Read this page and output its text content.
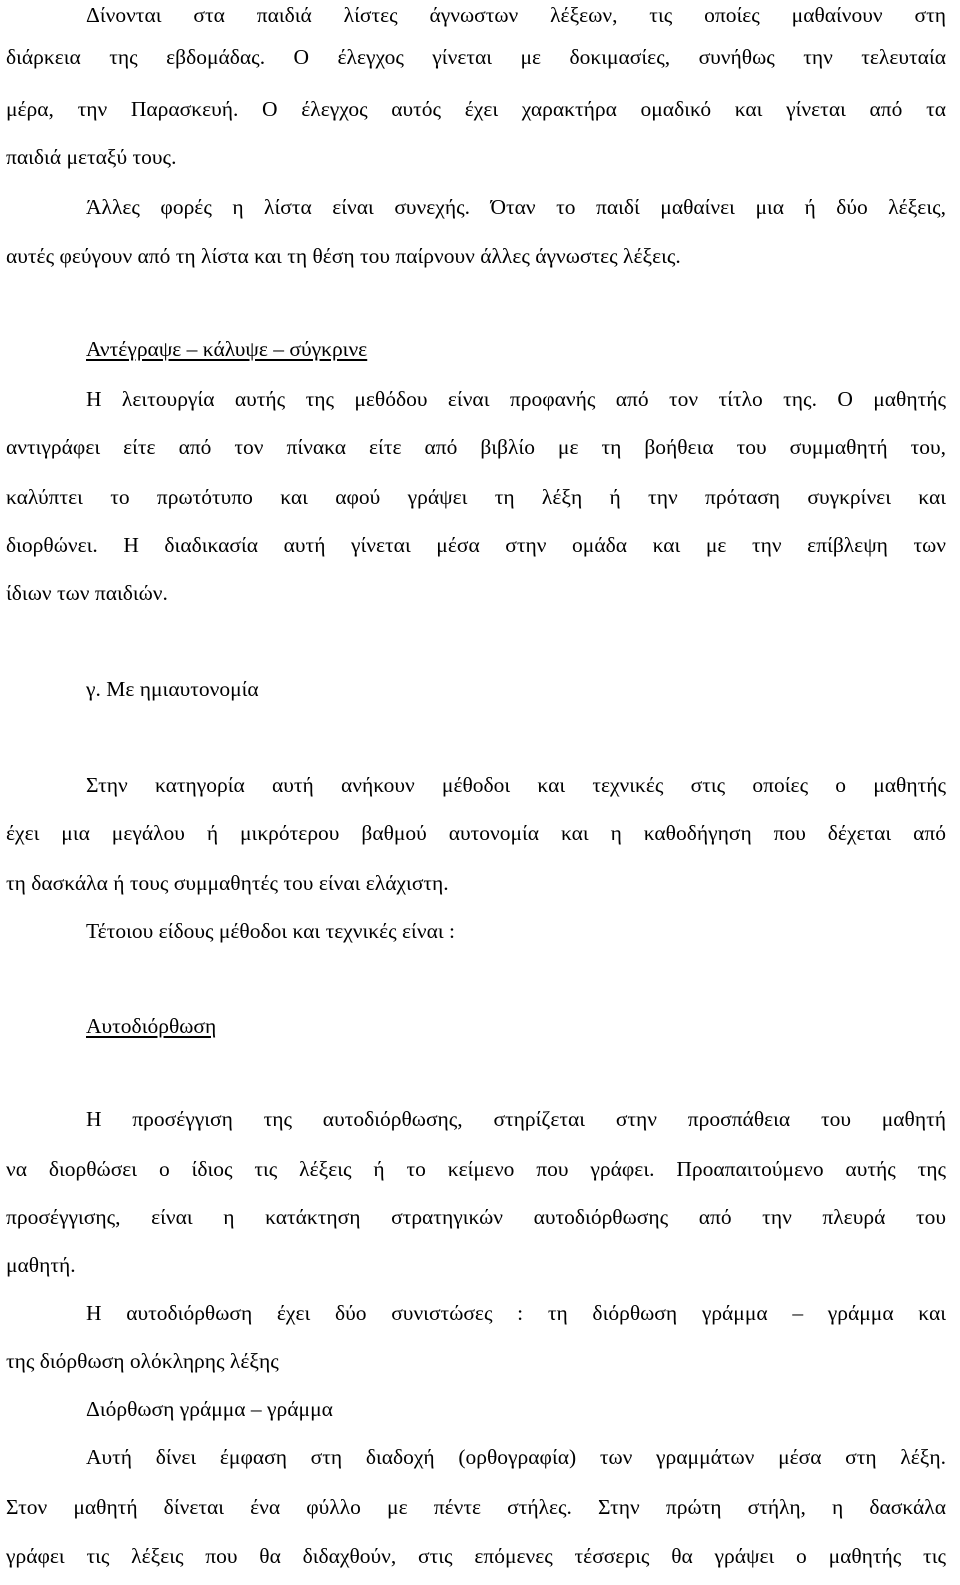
Δίνονται στα παιδιά λίστες άγνωστων λέξεων, τις οποίες μαθαίνουν στη
διάρκεια της εβδομάδας. Ο έλεγχος γίνεται με δοκιμασίες, συνήθως την τελευταία
μέρα, την Παρασκευή. Ο έλεγχος αυτός έχει χαρακτήρα ομαδικό και γίνεται από τα
παιδιά μεταξύ τους.
Άλλες φορές η λίστα είναι συνεχής. Όταν το παιδί μαθαίνει μια ή δύο λέξεις,
αυτές φεύγουν από τη λίστα και τη θέση του παίρνουν άλλες άγνωστες λέξεις.
Αντέγραψε – κάλυψε – σύγκρινε
Η λειτουργία αυτής της μεθόδου είναι προφανής από τον τίτλο της. Ο μαθητής
αντιγράφει είτε από τον πίνακα είτε από βιβλίο με τη βοήθεια του συμμαθητή του,
καλύπτει το πρωτότυπο και αφού γράψει τη λέξη ή την πρόταση συγκρίνει και
διορθώνει. Η διαδικασία αυτή γίνεται μέσα στην ομάδα και με την επίβλεψη των
ίδιων των παιδιών.
γ. Με ημιαυτονομία
Στην κατηγορία αυτή ανήκουν μέθοδοι και τεχνικές στις οποίες ο μαθητής
έχει μια μεγάλου ή μικρότερου βαθμού αυτονομία και η καθοδήγηση που δέχεται από
τη δασκάλα ή τους συμμαθητές του είναι ελάχιστη.
Τέτοιου είδους μέθοδοι και τεχνικές είναι :
Αυτοδιόρθωση
Η προσέγγιση της αυτοδιόρθωσης, στηρίζεται στην προσπάθεια του μαθητή
να διορθώσει ο ίδιος τις λέξεις ή το κείμενο που γράφει. Προαπαιτούμενο αυτής της
προσέγγισης, είναι η κατάκτηση στρατηγικών αυτοδιόρθωσης από την πλευρά του
μαθητή.
Η αυτοδιόρθωση έχει δύο συνιστώσες : τη διόρθωση γράμμα – γράμμα και
της διόρθωση ολόκληρης λέξης
Διόρθωση γράμμα – γράμμα
Αυτή δίνει έμφαση στη διαδοχή (ορθογραφία) των γραμμάτων μέσα στη λέξη.
Στον μαθητή δίνεται ένα φύλλο με πέντε στήλες. Στην πρώτη στήλη, η δασκάλα
γράφει τις λέξεις που θα διδαχθούν, στις επόμενες τέσσερις θα γράψει ο μαθητής τις
